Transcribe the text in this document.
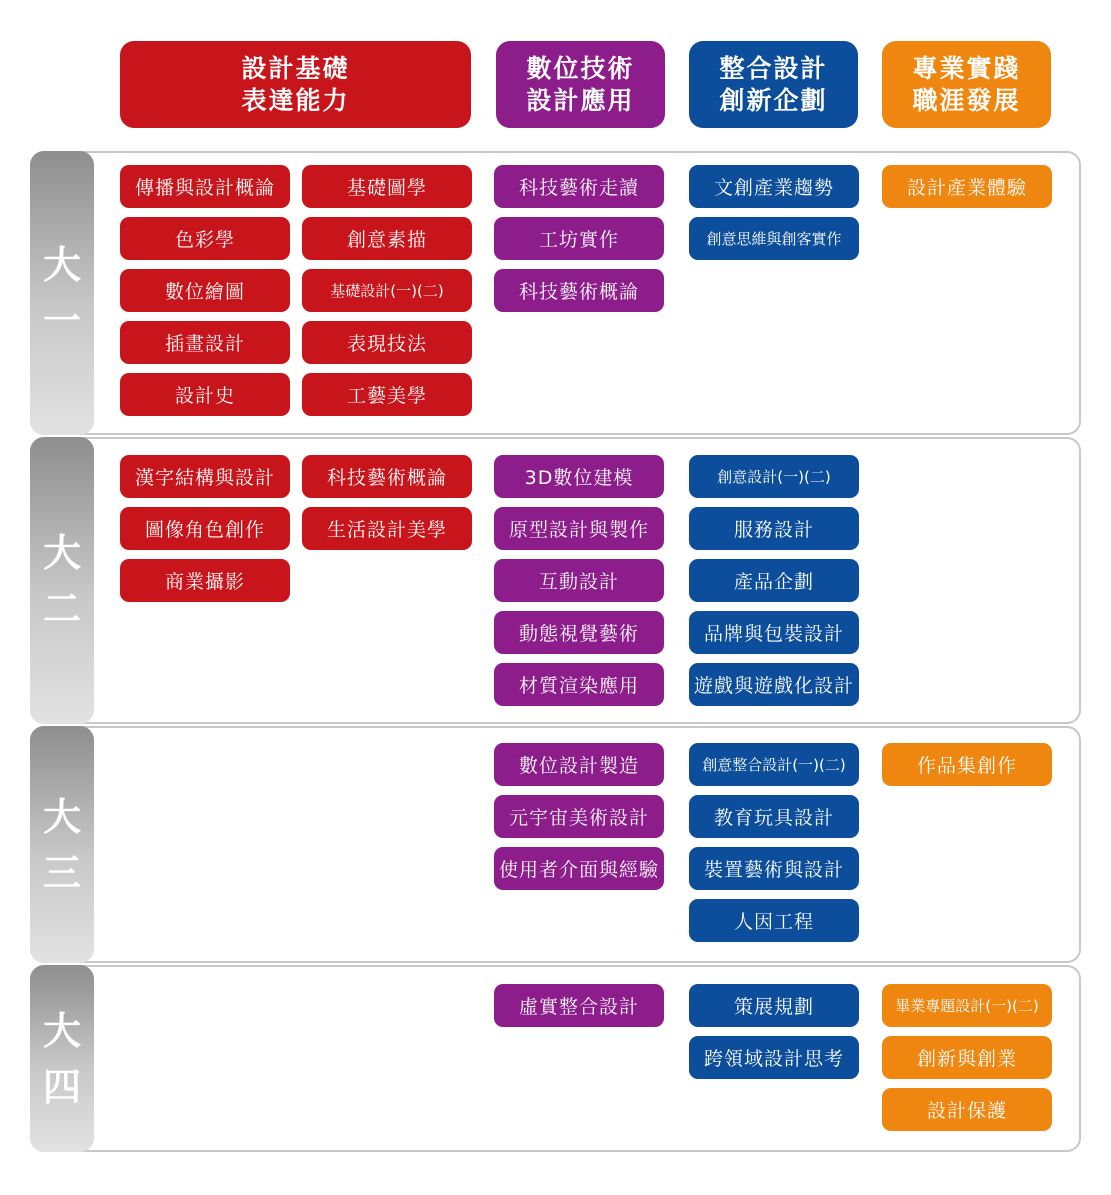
設計基礎
表達能力
數位技術
設計應用
整合設計
創新企劃
專業實踐
職涯發展
大
一
大
二
大
三
大
四
傳播與設計概論
色彩學
數位繪圖
插畫設計
設計史
基礎圖學
創意素描
基礎設計(一)(二)
表現技法
工藝美學
科技藝術走讀
工坊實作
科技藝術概論
文創產業趨勢
創意思維與創客實作
設計產業體驗
漢字結構與設計
圖像角色創作
商業攝影
科技藝術概論
生活設計美學
3D數位建模
原型設計與製作
互動設計
動態視覺藝術
材質渲染應用
創意設計(一)(二)
服務設計
產品企劃
品牌與包裝設計
遊戲與遊戲化設計
數位設計製造
元宇宙美術設計
使用者介面與經驗
創意整合設計(一)(二)
教育玩具設計
裝置藝術與設計
人因工程
作品集創作
虛實整合設計	策展規劃
跨領域設計思考
畢業專題設計(一)(二)
創新與創業
設計保護
